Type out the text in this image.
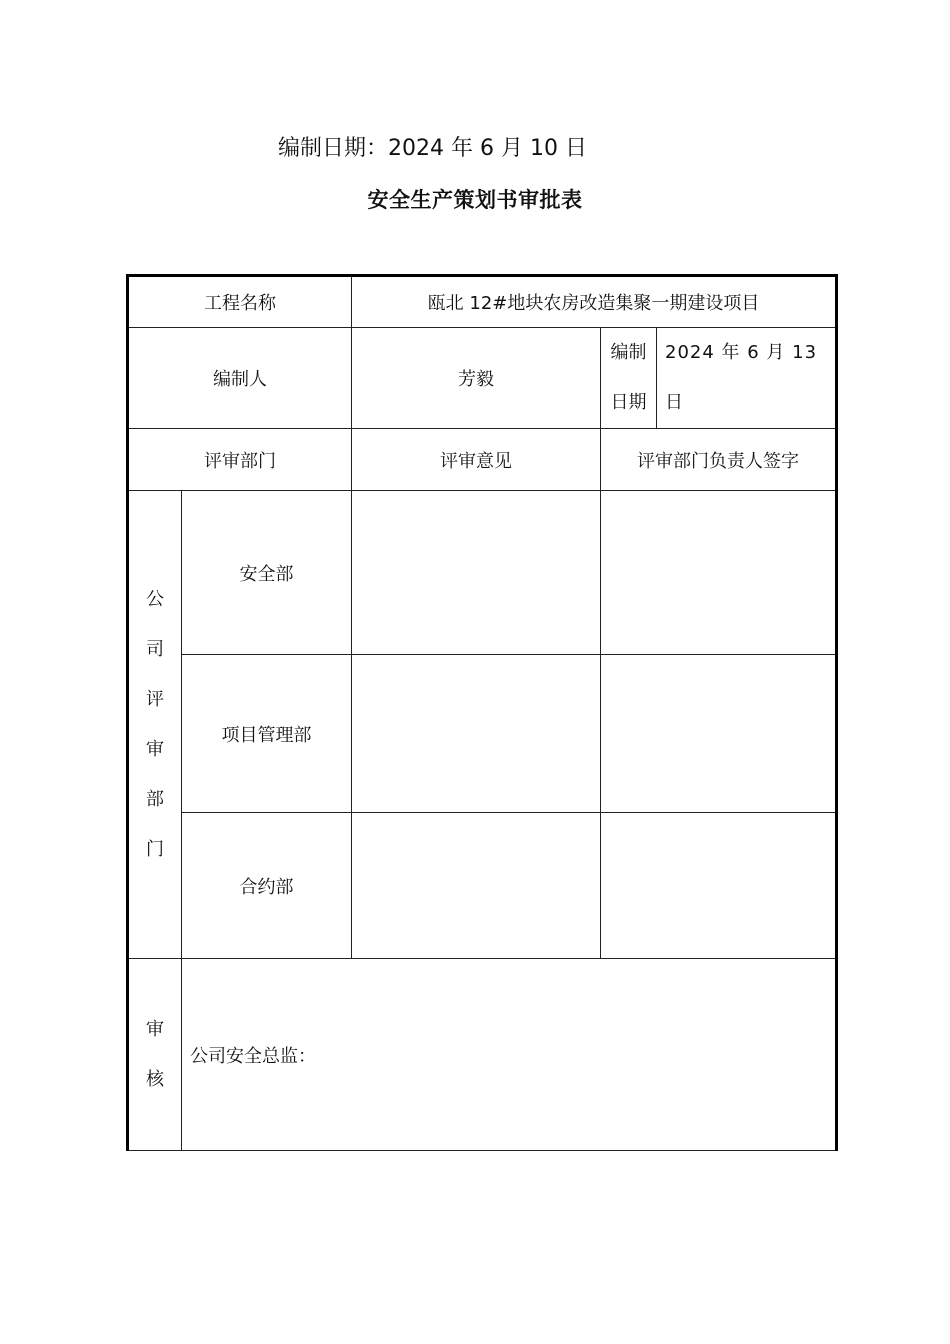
编制日期：2024 年 6 月 10 日
安全生产策划书审批表
工程名称		瓯北 12#地块农房改造集聚一期建设项目		
编制人		芳毅	编制日期	2024 年 6 月 13 日
评审部门		评审意见	评审部门负责人签字	
公司评审部门	安全部			
	项目管理部			
	合约部			
审核	公司安全总监：			
